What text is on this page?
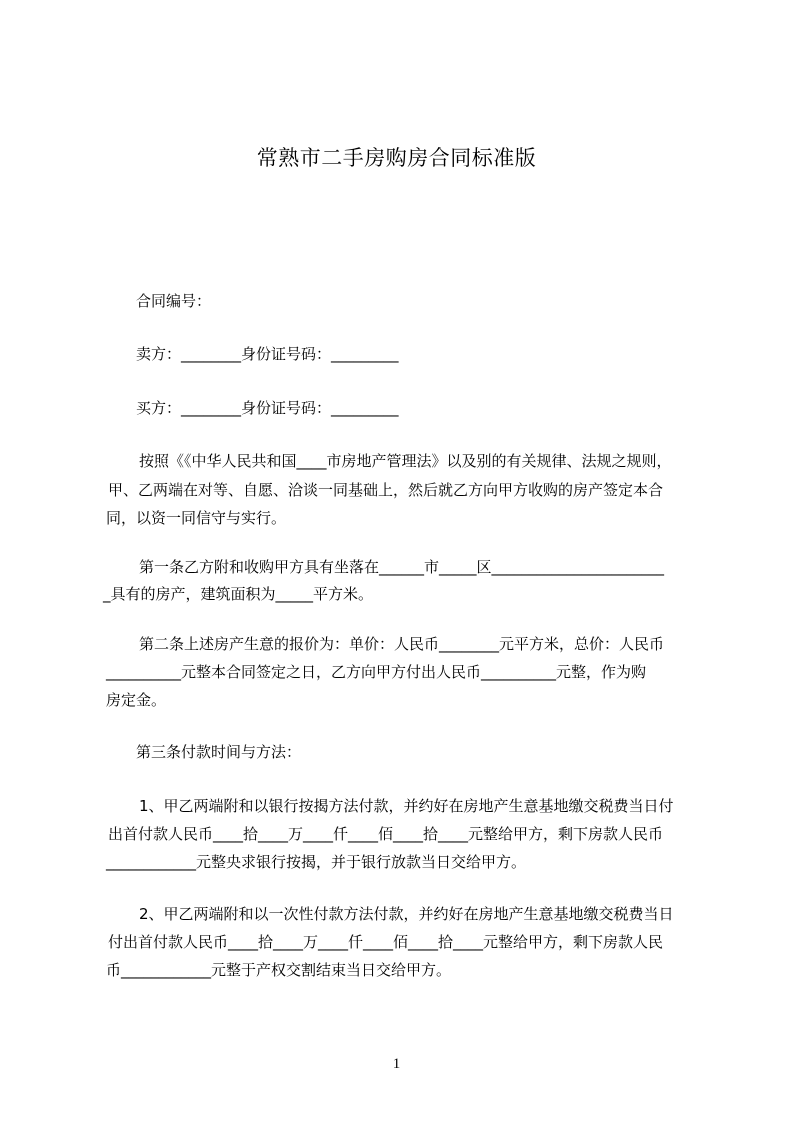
常熟市二手房购房合同标准版
合同编号：
卖方：________身份证号码：_________
买方：________身份证号码：_________
按照《《中华人民共和国____市房地产管理法》以及别的有关规律、法规之规则，
甲、乙两端在对等、自愿、洽谈一同基础上，然后就乙方向甲方收购的房产签定本合
同，以资一同信守与实行。
第一条乙方附和收购甲方具有坐落在______市_____区_______________________
_具有的房产，建筑面积为_____平方米。
第二条上述房产生意的报价为：单价：人民币________元平方米，总价：人民币
__________元整本合同签定之日，乙方向甲方付出人民币__________元整，作为购
房定金。
第三条付款时间与方法：
1、甲乙两端附和以银行按揭方法付款，并约好在房地产生意基地缴交税费当日付
出首付款人民币____拾____万____仟____佰____拾____元整给甲方，剩下房款人民币
____________元整央求银行按揭，并于银行放款当日交给甲方。
2、甲乙两端附和以一次性付款方法付款，并约好在房地产生意基地缴交税费当日
付出首付款人民币____拾____万____仟____佰____拾____元整给甲方，剩下房款人民
币____________元整于产权交割结束当日交给甲方。
1
